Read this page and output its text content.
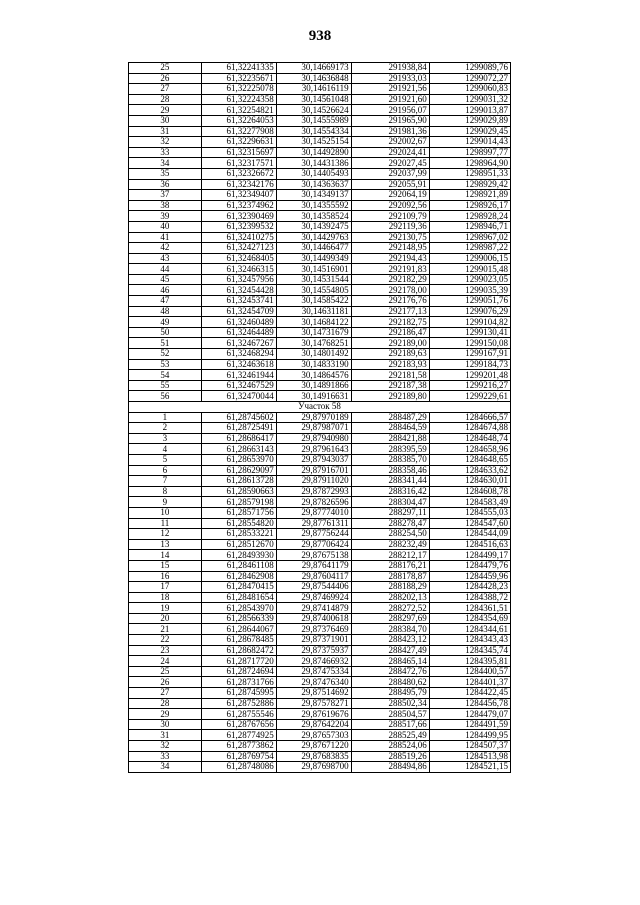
938
25	61,32241335	30,14669173	291938,84	1299089,76
26	61,32235671	30,14636848	291933,03	1299072,27
27	61,32225078	30,14616119	291921,56	1299060,83
28	61,32224358	30,14561048	291921,60	1299031,32
29	61,32254821	30,14526624	291956,07	1299013,87
30	61,32264053	30,14555989	291965,90	1299029,89
31	61,32277908	30,14554334	291981,36	1299029,45
32	61,32296631	30,14525154	292002,67	1299014,43
33	61,32315697	30,14492890	292024,41	1298997,77
34	61,32317571	30,14431386	292027,45	1298964,90
35	61,32326672	30,14405493	292037,99	1298951,33
36	61,32342176	30,14363637	292055,91	1298929,42
37	61,32349407	30,14349137	292064,19	1298921,89
38	61,32374962	30,14355592	292092,56	1298926,17
39	61,32390469	30,14358524	292109,79	1298928,24
40	61,32399532	30,14392475	292119,36	1298946,71
41	61,32410275	30,14429763	292130,75	1298967,02
42	61,32427123	30,14466477	292148,95	1298987,22
43	61,32468405	30,14499349	292194,43	1299006,15
44	61,32466315	30,14516901	292191,83	1299015,48
45	61,32457956	30,14531544	292182,29	1299023,05
46	61,32454428	30,14554805	292178,00	1299035,39
47	61,32453741	30,14585422	292176,76	1299051,76
48	61,32454709	30,14631181	292177,13	1299076,29
49	61,32460489	30,14684122	292182,75	1299104,82
50	61,32464489	30,14731679	292186,47	1299130,41
51	61,32467267	30,14768251	292189,00	1299150,08
52	61,32468294	30,14801492	292189,63	1299167,91
53	61,32463618	30,14833190	292183,93	1299184,73
54	61,32461944	30,14864576	292181,58	1299201,48
55	61,32467529	30,14891866	292187,38	1299216,27
56	61,32470044	30,14916631	292189,80	1299229,61
Участок 58				
1	61,28745602	29,87970189	288487,29	1284666,57
2	61,28725491	29,87987071	288464,59	1284674,88
3	61,28686417	29,87940980	288421,88	1284648,74
4	61,28663143	29,87961643	288395,59	1284658,96
5	61,28653970	29,87943037	288385,70	1284648,65
6	61,28629097	29,87916701	288358,46	1284633,62
7	61,28613728	29,87911020	288341,44	1284630,01
8	61,28590663	29,87872993	288316,42	1284608,78
9	61,28579198	29,87826596	288304,47	1284583,49
10	61,28571756	29,87774010	288297,11	1284555,03
11	61,28554820	29,87761311	288278,47	1284547,60
12	61,28533221	29,87756244	288254,50	1284544,09
13	61,28512670	29,87706424	288232,49	1284516,63
14	61,28493930	29,87675138	288212,17	1284499,17
15	61,28461108	29,87641179	288176,21	1284479,76
16	61,28462908	29,87604117	288178,87	1284459,96
17	61,28470415	29,87544406	288188,29	1284428,23
18	61,28481654	29,87469924	288202,13	1284388,72
19	61,28543970	29,87414879	288272,52	1284361,51
20	61,28566339	29,87400618	288297,69	1284354,69
21	61,28644067	29,87376469	288384,70	1284344,61
22	61,28678485	29,87371901	288423,12	1284343,43
23	61,28682472	29,87375937	288427,49	1284345,74
24	61,28717720	29,87466932	288465,14	1284395,81
25	61,28724694	29,87475334	288472,76	1284400,57
26	61,28731766	29,87476340	288480,62	1284401,37
27	61,28745995	29,87514692	288495,79	1284422,45
28	61,28752886	29,87578271	288502,34	1284456,78
29	61,28755546	29,87619676	288504,57	1284479,07
30	61,28767656	29,87642204	288517,66	1284491,59
31	61,28774925	29,87657303	288525,49	1284499,95
32	61,28773862	29,87671220	288524,06	1284507,37
33	61,28769754	29,87683835	288519,26	1284513,98
34	61,28748086	29,87698700	288494,86	1284521,15
